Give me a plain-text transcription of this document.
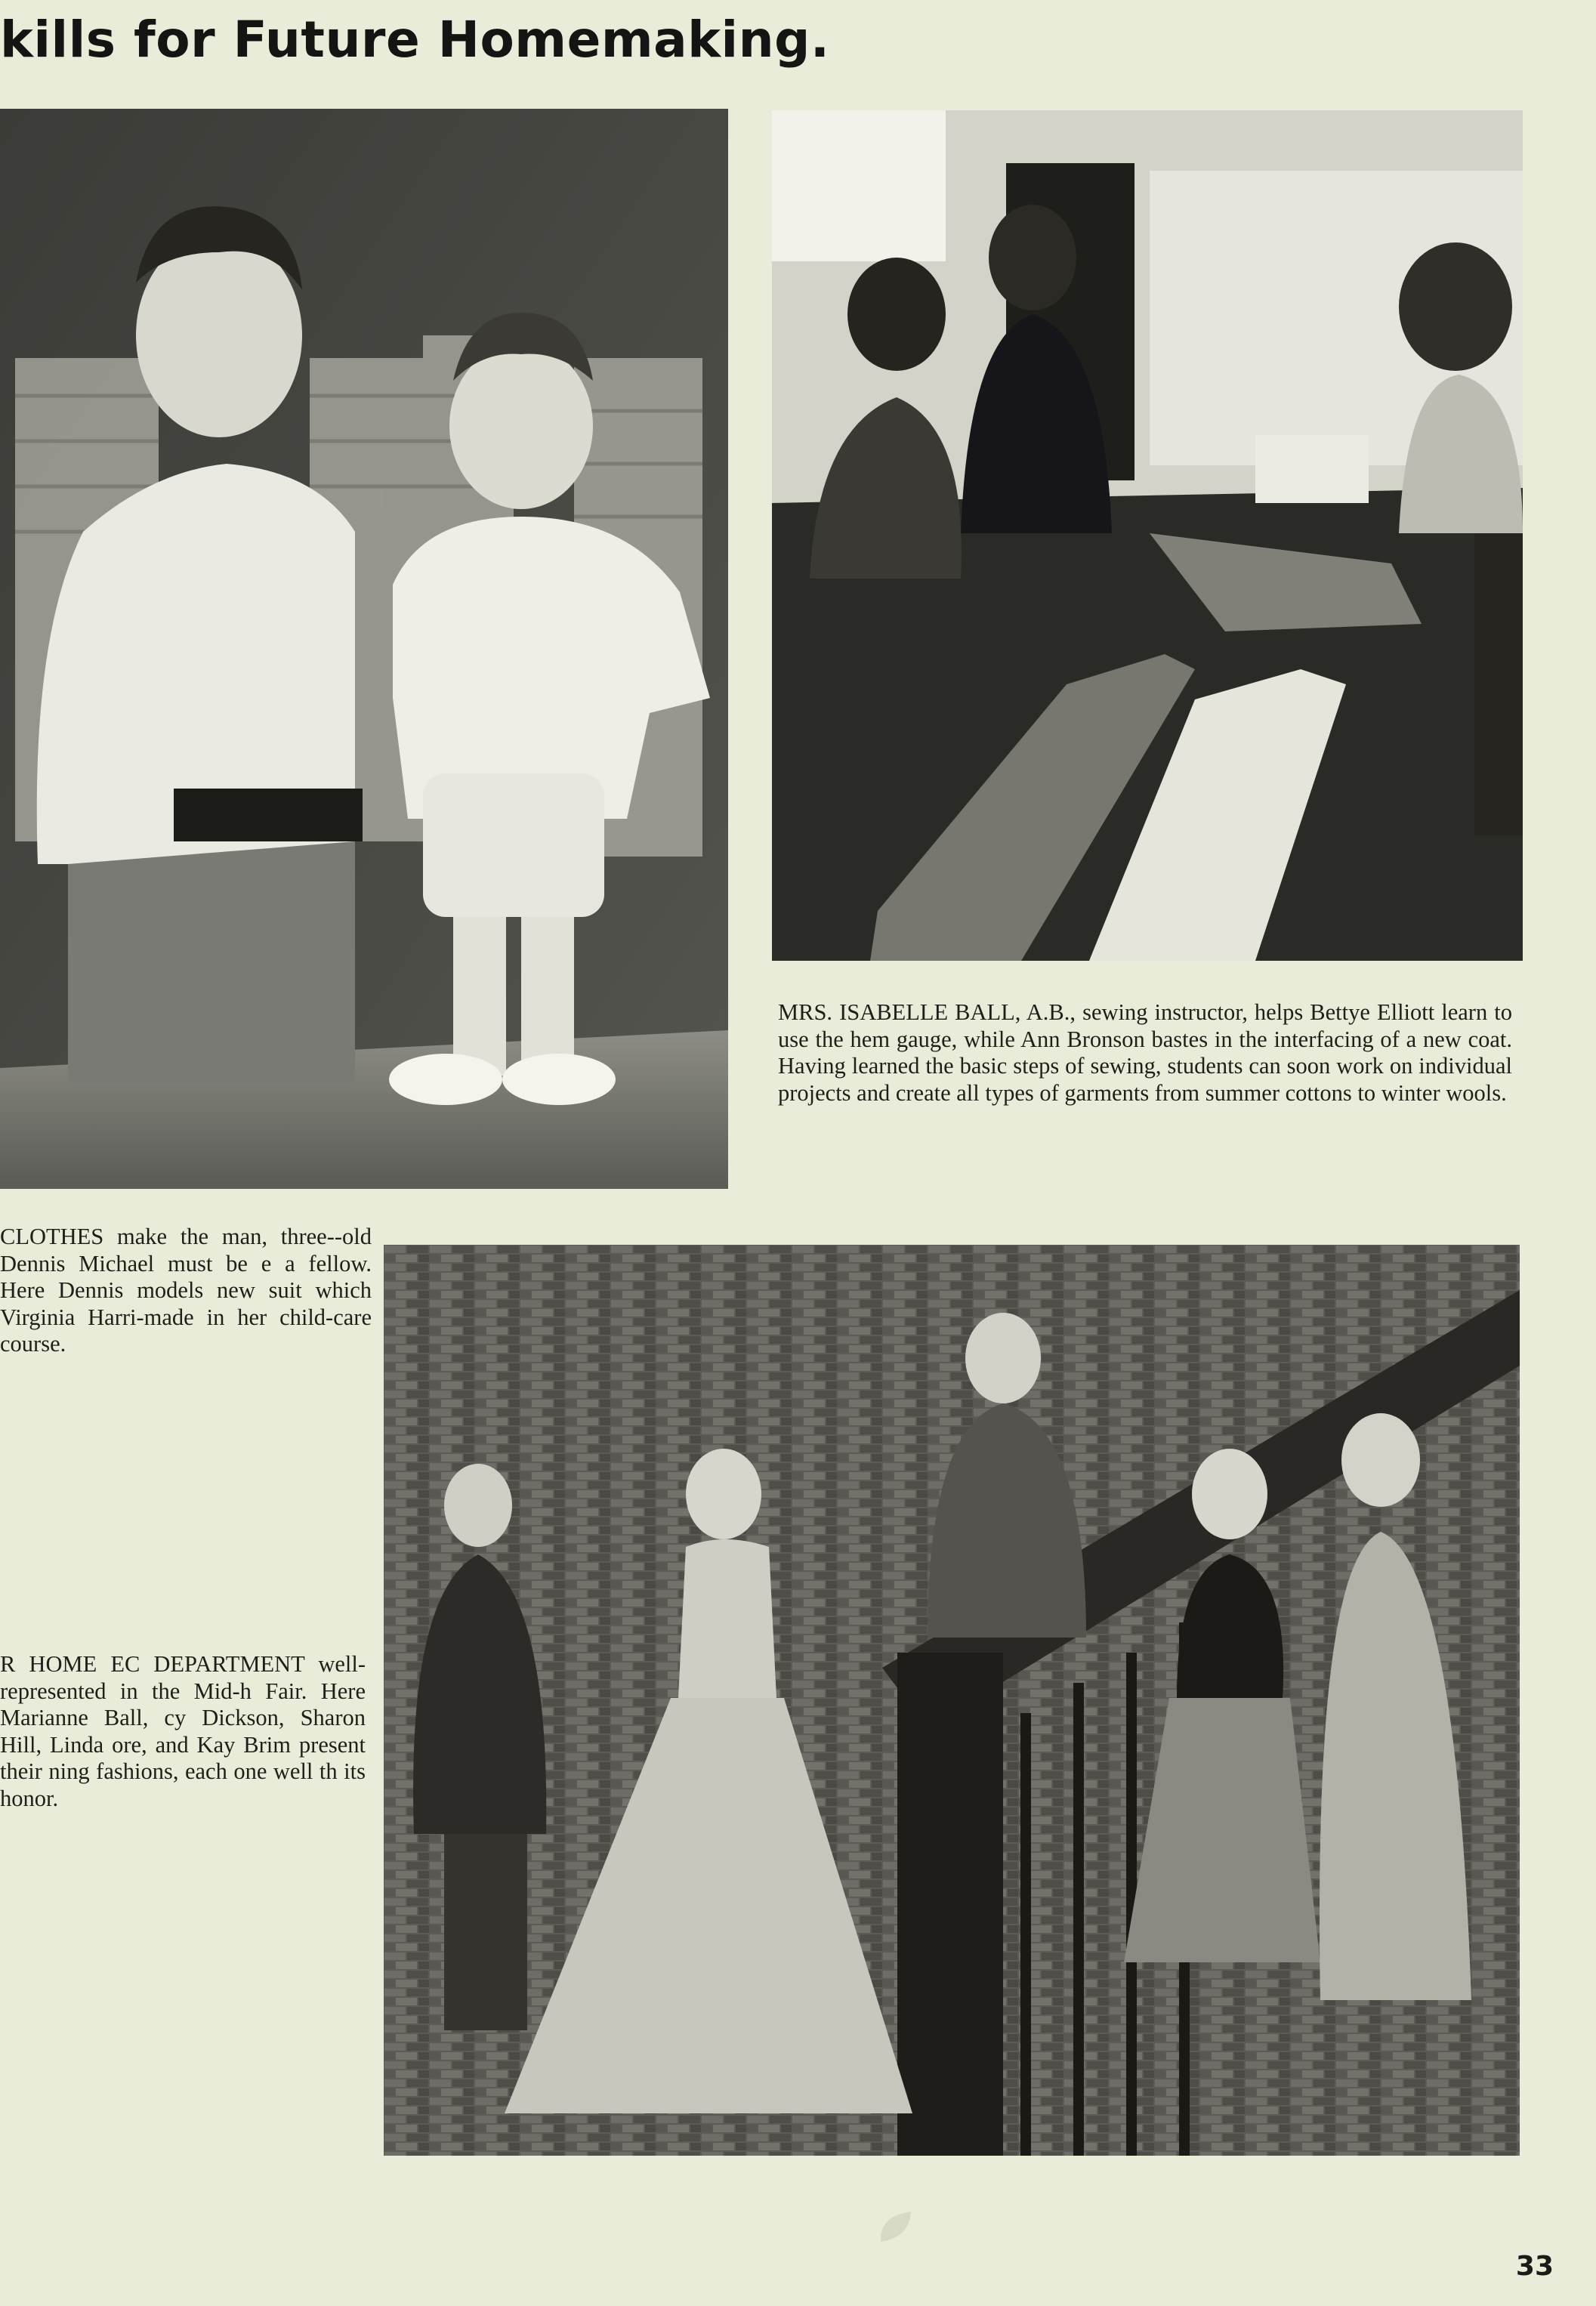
kills for Future Homemaking.

MRS. ISABELLE BALL, A.B., sewing instructor, helps Bettye Elliott learn to use the hem gauge, while Ann Bronson bastes in the interfacing of a new coat. Having learned the basic steps of sewing, students can soon work on individual projects and create all types of garments from summer cottons to winter wools.

CLOTHES make the man, three--old Dennis Michael must be e a fellow. Here Dennis models new suit which Virginia Harri-made in her child-care course.

R HOME EC DEPARTMENT well-represented in the Mid-h Fair. Here Marianne Ball, cy Dickson, Sharon Hill, Linda ore, and Kay Brim present their ning fashions, each one well th its honor.

33
